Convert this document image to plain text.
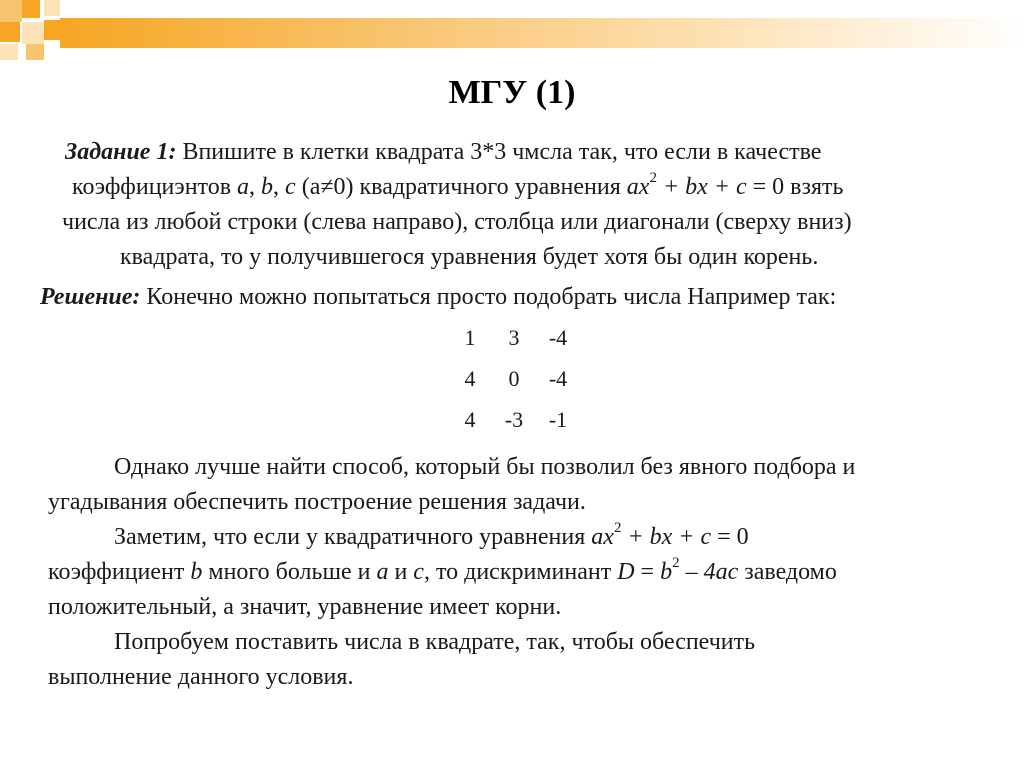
МГУ (1)

Задание 1: Впишите в клетки квадрата 3*3 чмсла так, что если в качестве

коэффициэнтов a, b, c (a≠0) квадратичного уравнения $ax^2$ + bx + c = 0 взять

числа из любой строки (слева направо), столбца или диагонали (сверху вниз)

квадрата, то у получившегося уравнения будет хотя бы один корень.

Решение: Конечно можно попытаться просто подобрать числа Например так:
1	3	-4
4	0	-4
4	-3	-1

Однако лучше найти способ, который бы позволил без явного подбора и

угадывания обеспечить построение решения задачи.

Заметим, что если у квадратичного уравнения $ax^2$ + bx + c = 0

коэффициент b много больше и a и c, то дискриминант $D = b^2 - 4ac$ заведомо

положительный, а значит, уравнение имеет корни.

Попробуем поставить числа в квадрате, так, чтобы обеспечить

выполнение данного условия.
